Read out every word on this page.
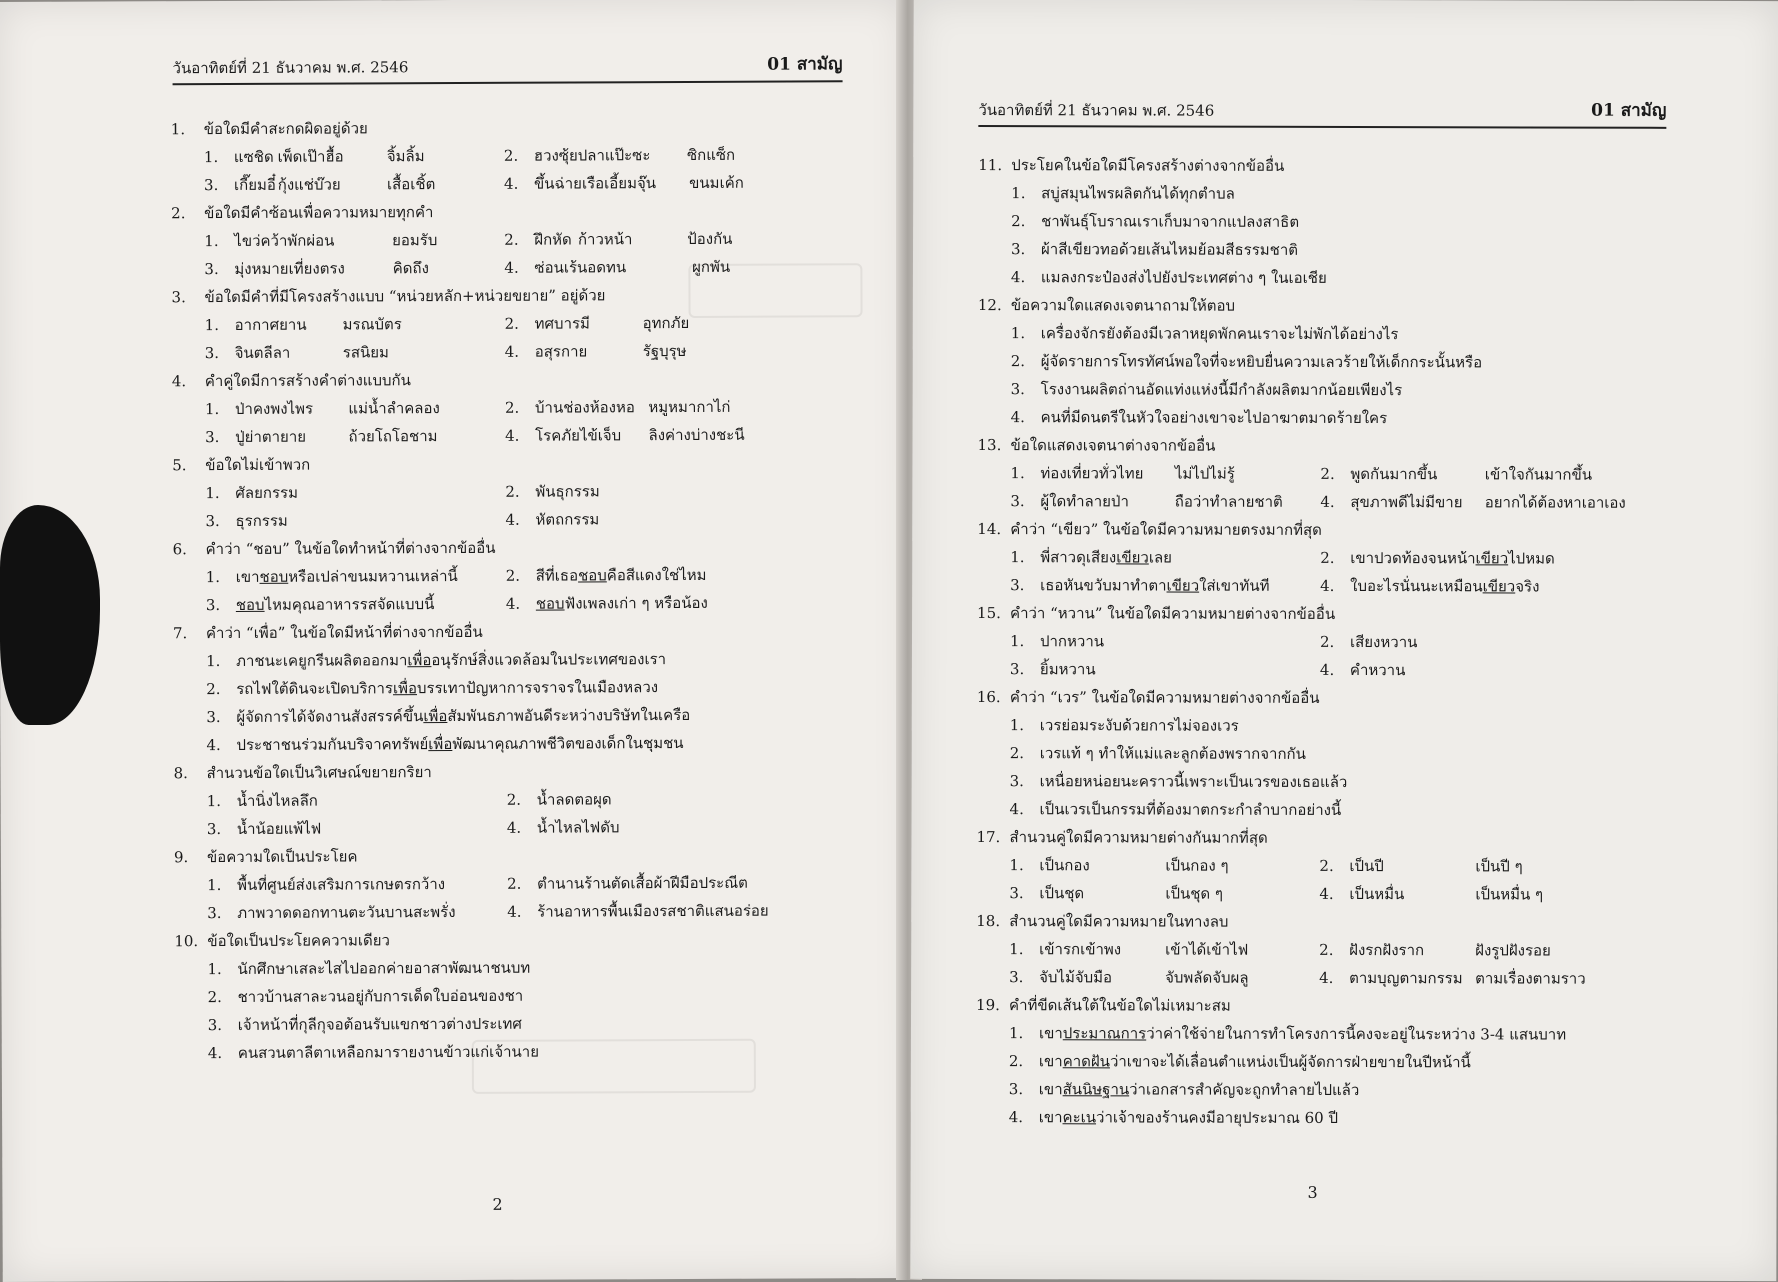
วันอาทิตย์ที่ 21 ธันวาคม พ.ศ. 2546	01 สามัญ
1. ข้อใดมีคำสะกดผิดอยู่ด้วย
1.	แซชิด เพ็ดเป๊าฮื้อ	จิ้มลิ้ม	2.	ฮวงซุ้ย ปลาแป๊ะซะ	ซิกแซ็ก
3.	เกี๊ยมอี๋ กุ้งแช่บ๊วย	เสื้อเชิ้ต	4.	ขึ้นฉ่าย เรือเอี้ยมจุ๊น	ขนมเค้ก
2. ข้อใดมีคำซ้อนเพื่อความหมายทุกคำ
1.	ไขว่คว้า พักผ่อน	ยอมรับ	2.	ฝึกหัด ก้าวหน้า	ป้องกัน
3.	มุ่งหมาย เที่ยงตรง	คิดถึง	4.	ซ่อนเร้น อดทน	ผูกพัน
3. ข้อใดมีคำที่มีโครงสร้างแบบ “หน่วยหลัก+หน่วยขยาย” อยู่ด้วย
1.	อากาศยาน	มรณบัตร	2.	ทศบารมี	อุทกภัย
3.	จินตลีลา	รสนิยม	4.	อสุรกาย	รัฐบุรุษ
4. คำคู่ใดมีการสร้างคำต่างแบบกัน
1.	ป่าคงพงไพร	แม่น้ำลำคลอง	2.	บ้านช่องห้องหอ หมูหมากาไก่
3.	ปู่ย่าตายาย	ถ้วยโถโอชาม	4.	โรคภัยไข้เจ็บ	ลิงค่างบ่างชะนี
5. ข้อใดไม่เข้าพวก
1.	ศัลยกรรม	2.	พันธุกรรม
3.	ธุรกรรม	4.	หัตถกรรม
6. คำว่า “ชอบ” ในข้อใดทำหน้าที่ต่างจากข้ออื่น
1.	เขาชอบหรือเปล่าขนมหวานเหล่านี้	2.	สีที่เธอชอบคือสีแดงใช่ไหม
3.	ชอบไหมคุณอาหารรสจัดแบบนี้	4.	ชอบฟังเพลงเก่า ๆ หรือน้อง
7. คำว่า “เพื่อ” ในข้อใดมีหน้าที่ต่างจากข้ออื่น
1.	ภาชนะเคยูกรีนผลิตออกมาเพื่ออนุรักษ์สิ่งแวดล้อมในประเทศของเรา
2.	รถไฟใต้ดินจะเปิดบริการเพื่อบรรเทาปัญหาการจราจรในเมืองหลวง
3.	ผู้จัดการได้จัดงานสังสรรค์ขึ้นเพื่อสัมพันธภาพอันดีระหว่างบริษัทในเครือ
4.	ประชาชนร่วมกันบริจาคทรัพย์เพื่อพัฒนาคุณภาพชีวิตของเด็กในชุมชน
8. สำนวนข้อใดเป็นวิเศษณ์ขยายกริยา
1.	น้ำนิ่งไหลลึก	2.	น้ำลดตอผุด
3.	น้ำน้อยแพ้ไฟ	4.	น้ำไหลไฟดับ
9. ข้อความใดเป็นประโยค
1.	พื้นที่ศูนย์ส่งเสริมการเกษตรกว้าง	2.	ตำนานร้านตัดเสื้อผ้าฝีมือประณีต
3.	ภาพวาดดอกทานตะวันบานสะพรั่ง	4.	ร้านอาหารพื้นเมืองรสชาติแสนอร่อย
10. ข้อใดเป็นประโยคความเดียว
1.	นักศึกษาเสละไสไปออกค่ายอาสาพัฒนาชนบท
2.	ชาวบ้านสาละวนอยู่กับการเด็ดใบอ่อนของชา
3.	เจ้าหน้าที่กุลีกุจอต้อนรับแขกชาวต่างประเทศ
4.	คนสวนตาลีตาเหลือกมารายงานข้าวแก่เจ้านาย
2
วันอาทิตย์ที่ 21 ธันวาคม พ.ศ. 2546	01 สามัญ
11. ประโยคในข้อใดมีโครงสร้างต่างจากข้ออื่น
1.	สบู่สมุนไพรผลิตกันได้ทุกตำบล
2.	ชาพันธุ์โบราณเราเก็บมาจากแปลงสาธิต
3.	ผ้าสีเขียวทอด้วยเส้นไหมย้อมสีธรรมชาติ
4.	แมลงกระป๋องส่งไปยังประเทศต่าง ๆ ในเอเชีย
12. ข้อความใดแสดงเจตนาถามให้ตอบ
1.	เครื่องจักรยังต้องมีเวลาหยุดพักคนเราจะไม่พักได้อย่างไร
2.	ผู้จัดรายการโทรทัศน์พอใจที่จะหยิบยื่นความเลวร้ายให้เด็กกระนั้นหรือ
3.	โรงงานผลิตถ่านอัดแท่งแห่งนี้มีกำลังผลิตมากน้อยเพียงไร
4.	คนที่มีดนตรีในหัวใจอย่างเขาจะไปอาฆาตมาดร้ายใคร
13. ข้อใดแสดงเจตนาต่างจากข้ออื่น
1.	ท่องเที่ยวทั่วไทย	ไม่ไปไม่รู้	2.	พูดกันมากขึ้น	เข้าใจกันมากขึ้น
3.	ผู้ใดทำลายป่า	ถือว่าทำลายชาติ	4.	สุขภาพดีไม่มีขาย	อยากได้ต้องหาเอาเอง
14. คำว่า “เขียว” ในข้อใดมีความหมายตรงมากที่สุด
1.	พี่สาวดุเสียงเขียวเลย	2.	เขาปวดท้องจนหน้าเขียวไปหมด
3.	เธอหันขวับมาทำตาเขียวใส่เขาทันที	4.	ใบอะไรนั่นนะเหมือนเขียวจริง
15. คำว่า “หวาน” ในข้อใดมีความหมายต่างจากข้ออื่น
1.	ปากหวาน	2.	เสียงหวาน
3.	ยิ้มหวาน	4.	คำหวาน
16. คำว่า “เวร” ในข้อใดมีความหมายต่างจากข้ออื่น
1.	เวรย่อมระงับด้วยการไม่จองเวร
2.	เวรแท้ ๆ ทำให้แม่และลูกต้องพรากจากกัน
3.	เหนื่อยหน่อยนะคราวนี้เพราะเป็นเวรของเธอแล้ว
4.	เป็นเวรเป็นกรรมที่ต้องมาตกระกำลำบากอย่างนี้
17. สำนวนคู่ใดมีความหมายต่างกันมากที่สุด
1.	เป็นกอง	เป็นกอง ๆ	2.	เป็นปี	เป็นปี ๆ
3.	เป็นชุด	เป็นชุด ๆ	4.	เป็นหมื่น	เป็นหมื่น ๆ
18. สำนวนคู่ใดมีความหมายในทางลบ
1.	เข้ารกเข้าพง	เข้าได้เข้าไฟ	2.	ฝังรกฝังราก	ฝังรูปฝังรอย
3.	จับไม้จับมือ	จับพลัดจับผลู	4.	ตามบุญตามกรรม ตามเรื่องตามราว
19. คำที่ขีดเส้นใต้ในข้อใดไม่เหมาะสม
1.	เขาประมาณการว่าค่าใช้จ่ายในการทำโครงการนี้คงจะอยู่ในระหว่าง 3-4 แสนบาท
2.	เขาคาดฝันว่าเขาจะได้เลื่อนตำแหน่งเป็นผู้จัดการฝ่ายขายในปีหน้านี้
3.	เขาสันนิษฐานว่าเอกสารสำคัญจะถูกทำลายไปแล้ว
4.	เขาคะเนว่าเจ้าของร้านคงมีอายุประมาณ 60 ปี
3
